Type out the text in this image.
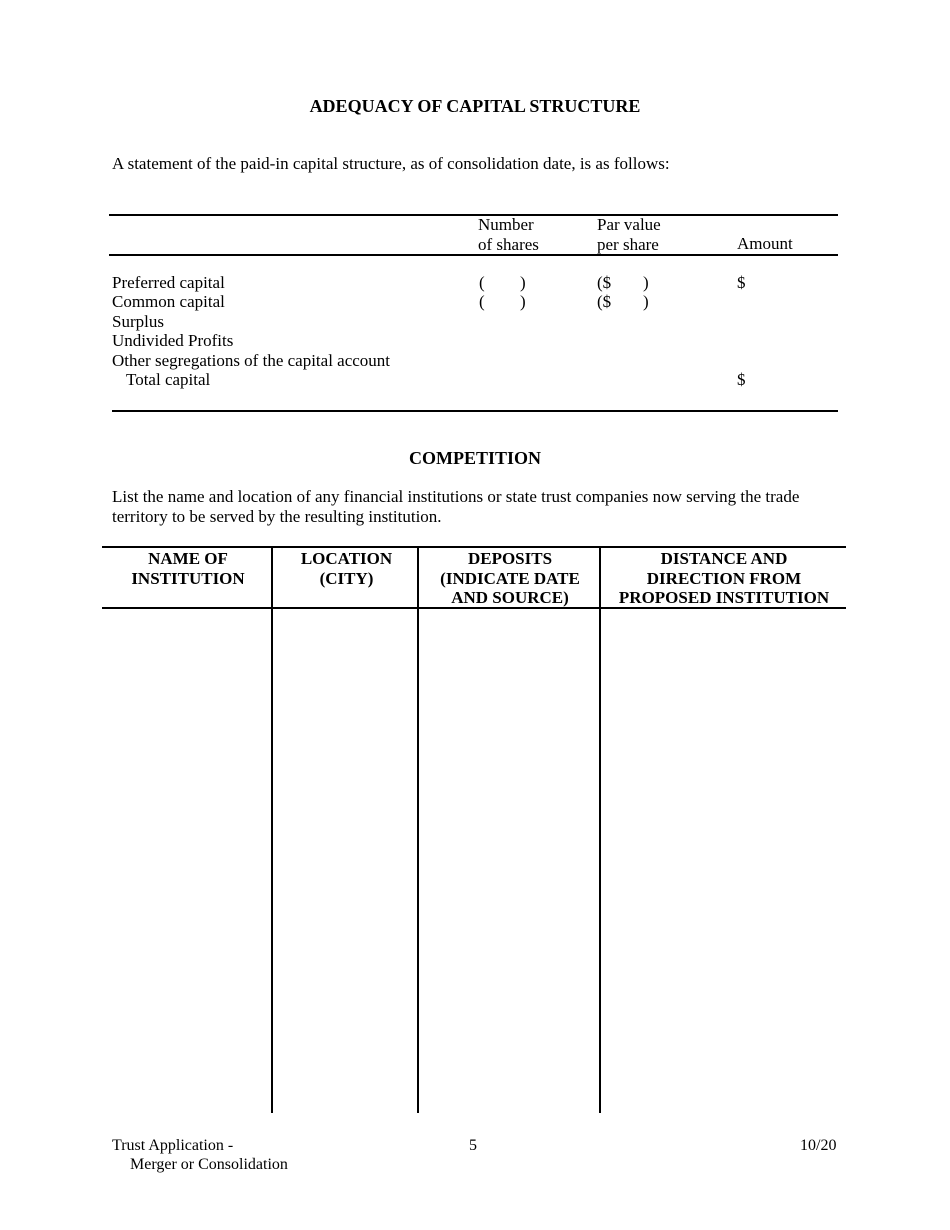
ADEQUACY OF CAPITAL STRUCTURE
A statement of the paid-in capital structure, as of consolidation date, is as follows:
Number
of shares
Par value
per share	Amount
Preferred capital
Common capital
Surplus
Undivided Profits
Other segregations of the capital account
Total capital
( )
( )
($ )
($ )
$
$
COMPETITION
List the name and location of any financial institutions or state trust companies now serving the trade territory to be served by the resulting institution.
NAME OF
INSTITUTION
LOCATION
(CITY)
DEPOSITS
(INDICATE DATE
AND SOURCE)
DISTANCE AND
DIRECTION FROM
PROPOSED INSTITUTION
Trust Application -
Merger or Consolidation
5	10/20
